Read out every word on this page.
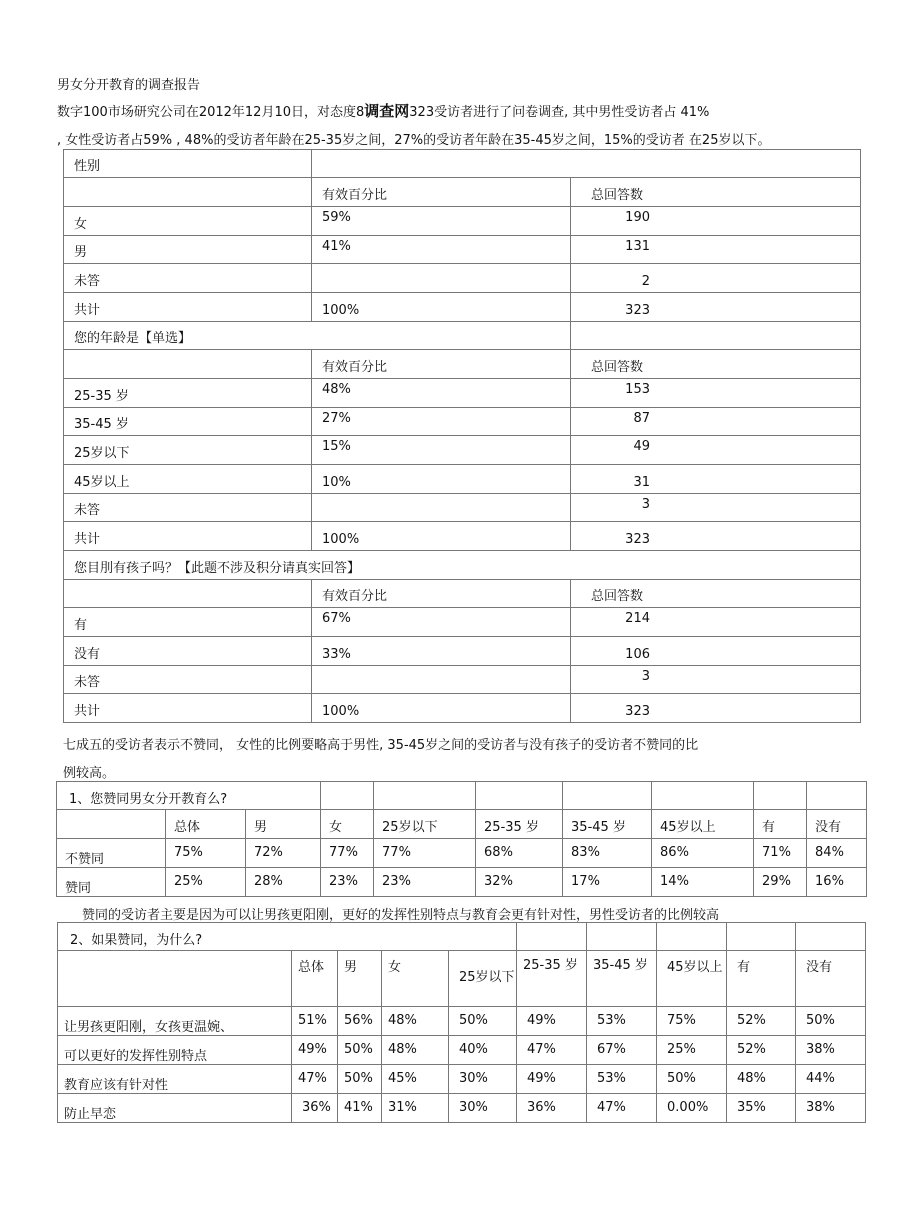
男女分开教育的调查报告
数字100市场研究公司在2012年12月10日，对态度8调查网323受访者进行了问卷调查, 其中男性受访者占 41%
, 女性受访者占59% , 48%的受访者年龄在25-35岁之间，27%的受访者年龄在35-45岁之间，15%的受访者 在25岁以下。
性别		
	有效百分比	总回答数
女	59%	190
男	41%	131
未答		2
共计	100%	323
您的年龄是【单选】		
	有效百分比	总回答数
25-35 岁	48%	153
35-45 岁	27%	87
25岁以下	15%	49
45岁以上	10%	31
未答		3
共计	100%	323
您目刖有孩子吗？【此题不涉及积分请真实回答】		
	有效百分比	总回答数
有	67%	214
没有	33%	106
未答		3
共计	100%	323
七成五的受访者表示不赞同， 女性的比例要略高于男性, 35-45岁之间的受访者与没有孩子的受访者不赞同的比
例较高。
1、您赞同男女分开教育么?									
	总体	男	女	25岁以下	25-35 岁	35-45 岁	45岁以上	有	没有
不赞同	75%	72%	77%	77%	68%	83%	86%	71%	84%
赞同	25%	28%	23%	23%	32%	17%	14%	29%	16%
赞同的受访者主要是因为可以让男孩更阳刚，更好的发挥性别特点与教育会更有针对性，男性受访者的比例较高
2、如果赞同，为什么?									
	总体	男	女	25岁以下	25-35 岁	35-45 岁	45岁以上	有	没有
让男孩更阳刚，女孩更温婉、	51%	56%	48%	50%	49%	53%	75%	52%	50%
可以更好的发挥性别特点	49%	50%	48%	40%	47%	67%	25%	52%	38%
教育应该有针对性	47%	50%	45%	30%	49%	53%	50%	48%	44%
防止早恋	36%	41%	31%	30%	36%	47%	0.00%	35%	38%
